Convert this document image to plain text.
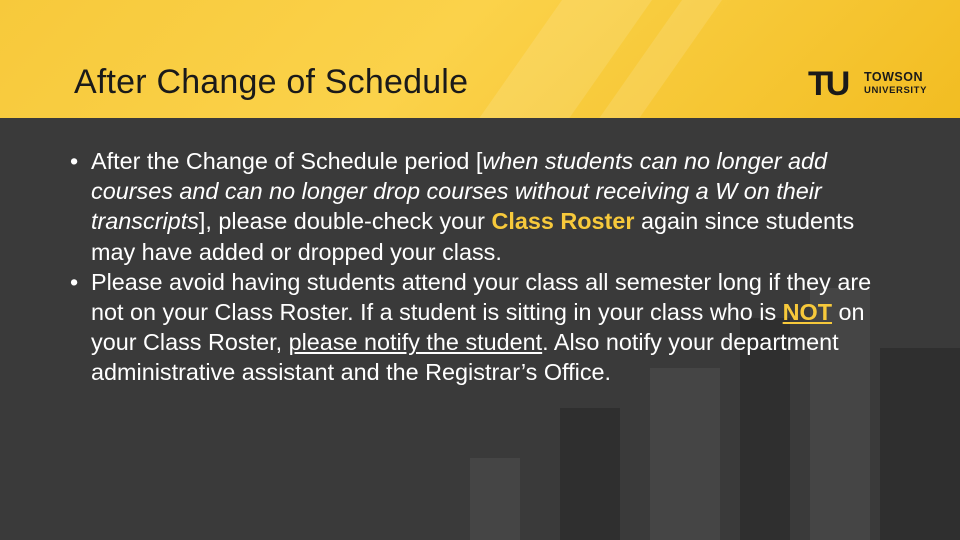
After Change of Schedule	TU TOWSON
UNIVERSITY

• After the Change of Schedule period [when students can no longer add courses and can no longer drop courses without receiving a W on their transcripts], please double-check your Class Roster again since students may have added or dropped your class.

• Please avoid having students attend your class all semester long if they are not on your Class Roster. If a student is sitting in your class who is NOT on your Class Roster, please notify the student. Also notify your department administrative assistant and the Registrar’s Office.
